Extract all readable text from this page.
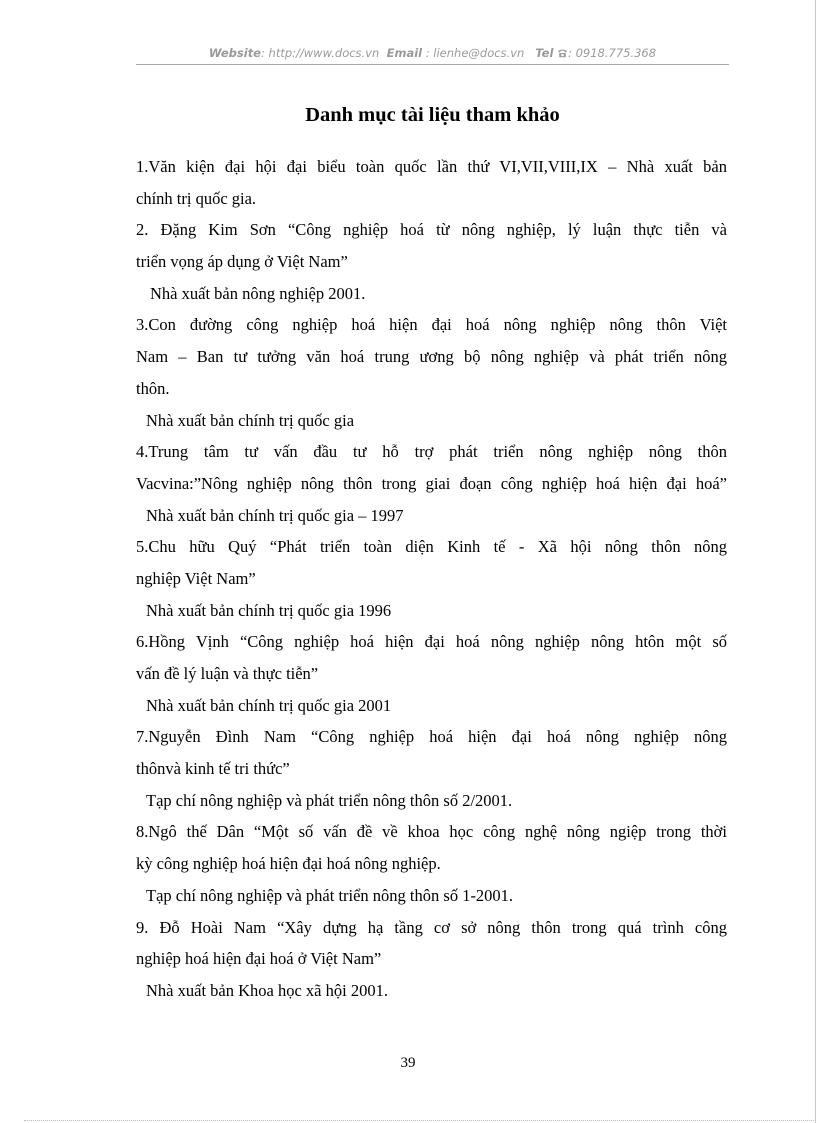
Website: http://www.docs.vn Email : lienhe@docs.vn Tel : 0918.775.368
Danh mục tài liệu tham khảo
1.Văn kiện đại hội đại biểu toàn quốc lần thứ VI,VII,VIII,IX – Nhà xuất bản
chính trị quốc gia.
2. Đặng Kim Sơn “Công nghiệp hoá từ nông nghiệp, lý luận thực tiễn và
triển vọng áp dụng ở Việt Nam”
Nhà xuất bản nông nghiệp 2001.
3.Con đường công nghiệp hoá hiện đại hoá nông nghiệp nông thôn Việt
Nam – Ban tư tưởng văn hoá trung ương bộ nông nghiệp và phát triển nông
thôn.
Nhà xuất bản chính trị quốc gia
4.Trung tâm tư vấn đầu tư hỗ trợ phát triển nông nghiệp nông thôn
Vacvina:”Nông nghiệp nông thôn trong giai đoạn công nghiệp hoá hiện đại hoá”
Nhà xuất bản chính trị quốc gia – 1997
5.Chu hữu Quý “Phát triển toàn diện Kinh tế - Xã hội nông thôn nông
nghiệp Việt Nam”
Nhà xuất bản chính trị quốc gia 1996
6.Hồng Vịnh “Công nghiệp hoá hiện đại hoá nông nghiệp nông htôn một số
vấn đề lý luận và thực tiễn”
Nhà xuất bản chính trị quốc gia 2001
7.Nguyễn Đình Nam “Công nghiệp hoá hiện đại hoá nông nghiệp nông
thônvà kinh tế tri thức”
Tạp chí nông nghiệp và phát triển nông thôn số 2/2001.
8.Ngô thế Dân “Một số vấn đề về khoa học công nghệ nông ngiệp trong thời
kỳ công nghiệp hoá hiện đại hoá nông nghiệp.
Tạp chí nông nghiệp và phát triển nông thôn số 1-2001.
9. Đỗ Hoài Nam “Xây dựng hạ tầng cơ sở nông thôn trong quá trình công
nghiệp hoá hiện đại hoá ở Việt Nam”
Nhà xuất bản Khoa học xã hội 2001.
39
